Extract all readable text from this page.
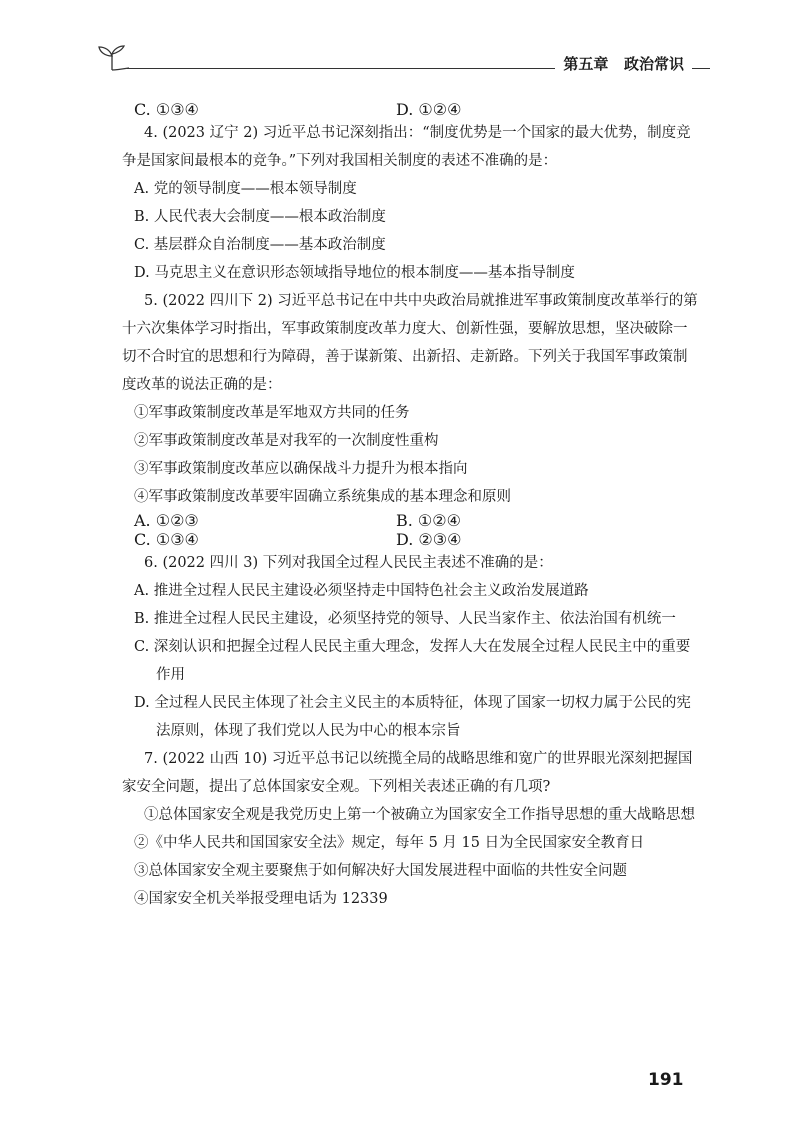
第五章   政治常识
C. ①③④	D. ①②④

4. (2023 辽宁 2) 习近平总书记深刻指出：“制度优势是一个国家的最大优势，制度竞争是国家间最根本的竞争。”下列对我国相关制度的表述不准确的是：

A. 党的领导制度——根本领导制度

B. 人民代表大会制度——根本政治制度

C. 基层群众自治制度——基本政治制度

D. 马克思主义在意识形态领域指导地位的根本制度——基本指导制度

5. (2022 四川下 2) 习近平总书记在中共中央政治局就推进军事政策制度改革举行的第十六次集体学习时指出，军事政策制度改革力度大、创新性强，要解放思想，坚决破除一切不合时宜的思想和行为障碍，善于谋新策、出新招、走新路。下列关于我国军事政策制度改革的说法正确的是：

①军事政策制度改革是军地双方共同的任务

②军事政策制度改革是对我军的一次制度性重构

③军事政策制度改革应以确保战斗力提升为根本指向

④军事政策制度改革要牢固确立系统集成的基本理念和原则

A. ①②③	B. ①②④
C. ①③④	D. ②③④

6. (2022 四川 3) 下列对我国全过程人民民主表述不准确的是：

A. 推进全过程人民民主建设必须坚持走中国特色社会主义政治发展道路

B. 推进全过程人民民主建设，必须坚持党的领导、人民当家作主、依法治国有机统一

C. 深刻认识和把握全过程人民民主重大理念，发挥人大在发展全过程人民民主中的重要作用

D. 全过程人民民主体现了社会主义民主的本质特征，体现了国家一切权力属于公民的宪法原则，体现了我们党以人民为中心的根本宗旨

7. (2022 山西 10) 习近平总书记以统揽全局的战略思维和宽广的世界眼光深刻把握国家安全问题，提出了总体国家安全观。下列相关表述正确的有几项?

①总体国家安全观是我党历史上第一个被确立为国家安全工作指导思想的重大战略思想

②《中华人民共和国国家安全法》规定，每年 5 月 15 日为全民国家安全教育日

③总体国家安全观主要聚焦于如何解决好大国发展进程中面临的共性安全问题

④国家安全机关举报受理电话为 12339

191
